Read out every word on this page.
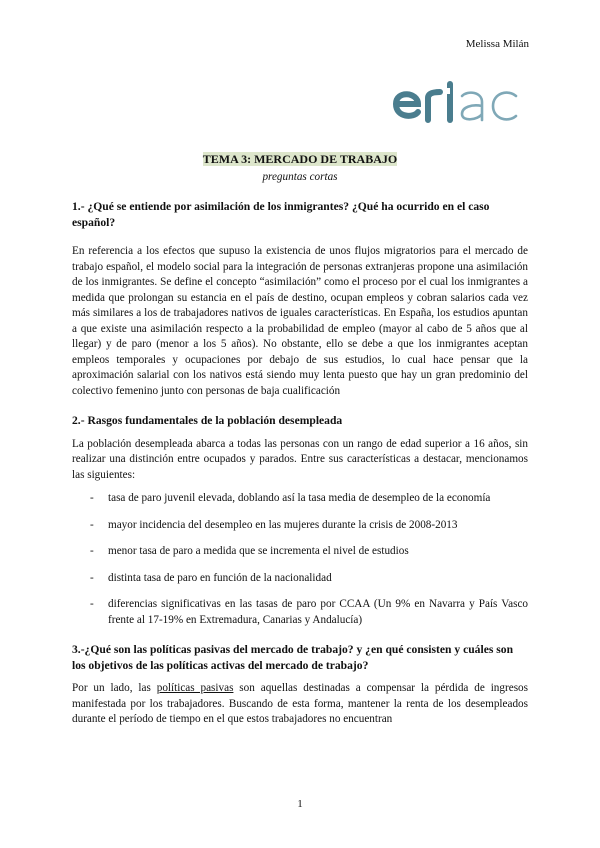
Melissa Milán
TEMA 3: MERCADO DE TRABAJO
preguntas cortas
1.- ¿Qué se entiende por asimilación de los inmigrantes? ¿Qué ha ocurrido en el caso español?
En referencia a los efectos que supuso la existencia de unos flujos migratorios para el mercado de trabajo español, el modelo social para la integración de personas extranjeras propone una asimilación de los inmigrantes. Se define el concepto “asimilación” como el proceso por el cual los inmigrantes a medida que prolongan su estancia en el país de destino, ocupan empleos y cobran salarios cada vez más similares a los de trabajadores nativos de iguales características. En España, los estudios apuntan a que existe una asimilación respecto a la probabilidad de empleo (mayor al cabo de 5 años que al llegar) y de paro (menor a los 5 años). No obstante, ello se debe a que los inmigrantes aceptan empleos temporales y ocupaciones por debajo de sus estudios, lo cual hace pensar que la aproximación salarial con los nativos está siendo muy lenta puesto que hay un gran predominio del colectivo femenino junto con personas de baja cualificación
2.- Rasgos fundamentales de la población desempleada
La población desempleada abarca a todas las personas con un rango de edad superior a 16 años, sin realizar una distinción entre ocupados y parados. Entre sus características a destacar, mencionamos las siguientes:
- tasa de paro juvenil elevada, doblando así la tasa media de desempleo de la economía
- mayor incidencia del desempleo en las mujeres durante la crisis de 2008-2013
- menor tasa de paro a medida que se incrementa el nivel de estudios
- distinta tasa de paro en función de la nacionalidad
- diferencias significativas en las tasas de paro por CCAA (Un 9% en Navarra y País Vasco frente al 17-19% en Extremadura, Canarias y Andalucía)
3.-¿Qué son las políticas pasivas del mercado de trabajo? y ¿en qué consisten y cuáles son los objetivos de las políticas activas del mercado de trabajo?
Por un lado, las políticas pasivas son aquellas destinadas a compensar la pérdida de ingresos manifestada por los trabajadores. Buscando de esta forma, mantener la renta de los desempleados durante el período de tiempo en el que estos trabajadores no encuentran
1
